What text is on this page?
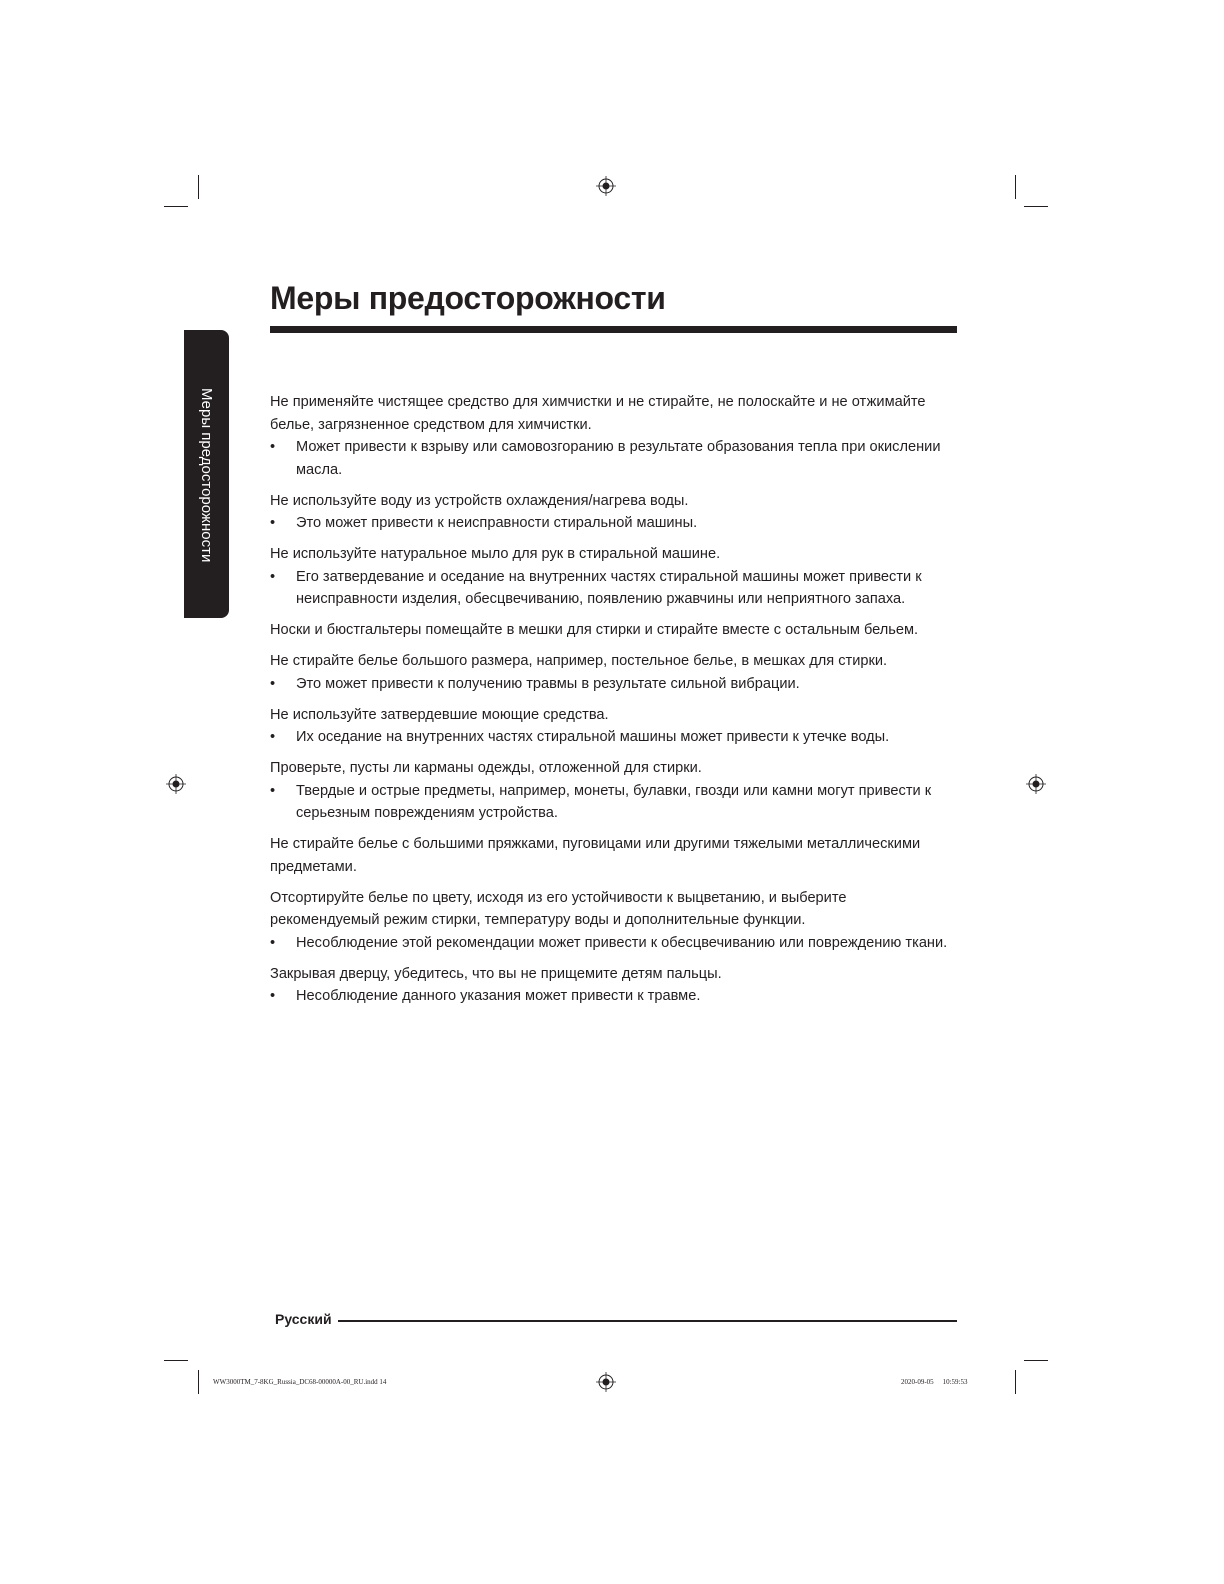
Меры предосторожности
Меры предосторожности

Не применяйте чистящее средство для химчистки и не стирайте, не полоскайте и не отжимайте белье, загрязненное средством для химчистки.

• Может привести к взрыву или самовозгоранию в результате образования тепла при окислении масла.

Не используйте воду из устройств охлаждения/нагрева воды.

• Это может привести к неисправности стиральной машины.

Не используйте натуральное мыло для рук в стиральной машине.

• Его затвердевание и оседание на внутренних частях стиральной машины может привести к неисправности изделия, обесцвечиванию, появлению ржавчины или неприятного запаха.

Носки и бюстгальтеры помещайте в мешки для стирки и стирайте вместе с остальным бельем.

Не стирайте белье большого размера, например, постельное белье, в мешках для стирки.

• Это может привести к получению травмы в результате сильной вибрации.

Не используйте затвердевшие моющие средства.

• Их оседание на внутренних частях стиральной машины может привести к утечке воды.

Проверьте, пусты ли карманы одежды, отложенной для стирки.

• Твердые и острые предметы, например, монеты, булавки, гвозди или камни могут привести к серьезным повреждениям устройства.

Не стирайте белье с большими пряжками, пуговицами или другими тяжелыми металлическими предметами.

Отсортируйте белье по цвету, исходя из его устойчивости к выцветанию, и выберите рекомендуемый режим стирки, температуру воды и дополнительные функции.

• Несоблюдение этой рекомендации может привести к обесцвечиванию или повреждению ткани.

Закрывая дверцу, убедитесь, что вы не прищемите детям пальцы.

• Несоблюдение данного указания может привести к травме.
Русский
WW3000TM_7-8KG_Russia_DC68-00000A-00_RU.indd 14	2020-09-05   10:59:53
